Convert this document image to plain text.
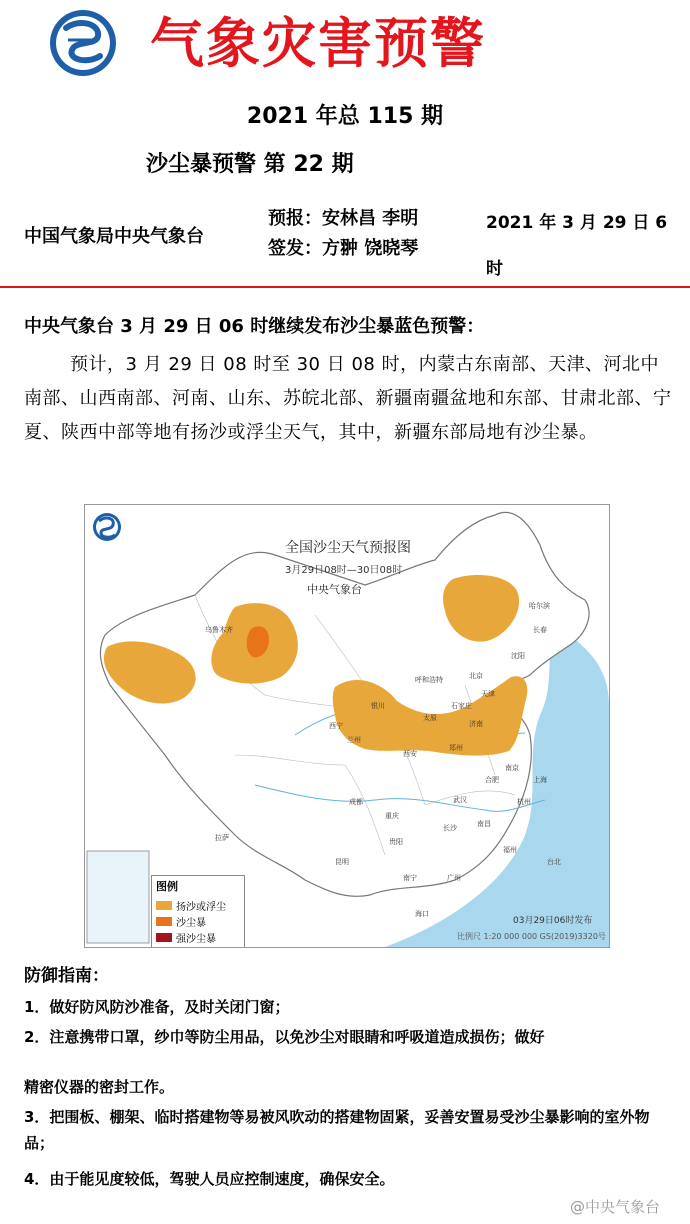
气象灾害预警
2021 年总 115 期
沙尘暴预警 第 22 期
中国气象局中央气象台
预报：安林昌 李明
签发：方翀 饶晓琴
2021 年 3 月 29 日 6 时
中央气象台 3 月 29 日 06 时继续发布沙尘暴蓝色预警：
预计，3 月 29 日 08 时至 30 日 08 时，内蒙古东南部、天津、河北中南部、山西南部、河南、山东、苏皖北部、新疆南疆盆地和东部、甘肃北部、宁夏、陕西中部等地有扬沙或浮尘天气，其中，新疆东部局地有沙尘暴。
全国沙尘天气预报图
3月29日08时—30日08时
中央气象台
乌鲁木齐
拉萨
西宁
兰州
银川
呼和浩特	北京
天津
石家庄
太原
济南
郑州
西安
成都
重庆
武汉
合肥
南京
上海
杭州
长沙	南昌
福州
贵阳
昆明
南宁	广州
海口
哈尔滨
长春
沈阳
台北
图例
扬沙或浮尘
沙尘暴
强沙尘暴
03月29日06时发布
比例尺 1:20 000 000 GS(2019)3320号
防御指南：
1．做好防风防沙准备，及时关闭门窗；
2．注意携带口罩，纱巾等防尘用品，以免沙尘对眼睛和呼吸道造成损伤；做好
精密仪器的密封工作。
3．把围板、棚架、临时搭建物等易被风吹动的搭建物固紧，妥善安置易受沙尘暴影响的室外物品；
4．由于能见度较低，驾驶人员应控制速度，确保安全。
@中央气象台
